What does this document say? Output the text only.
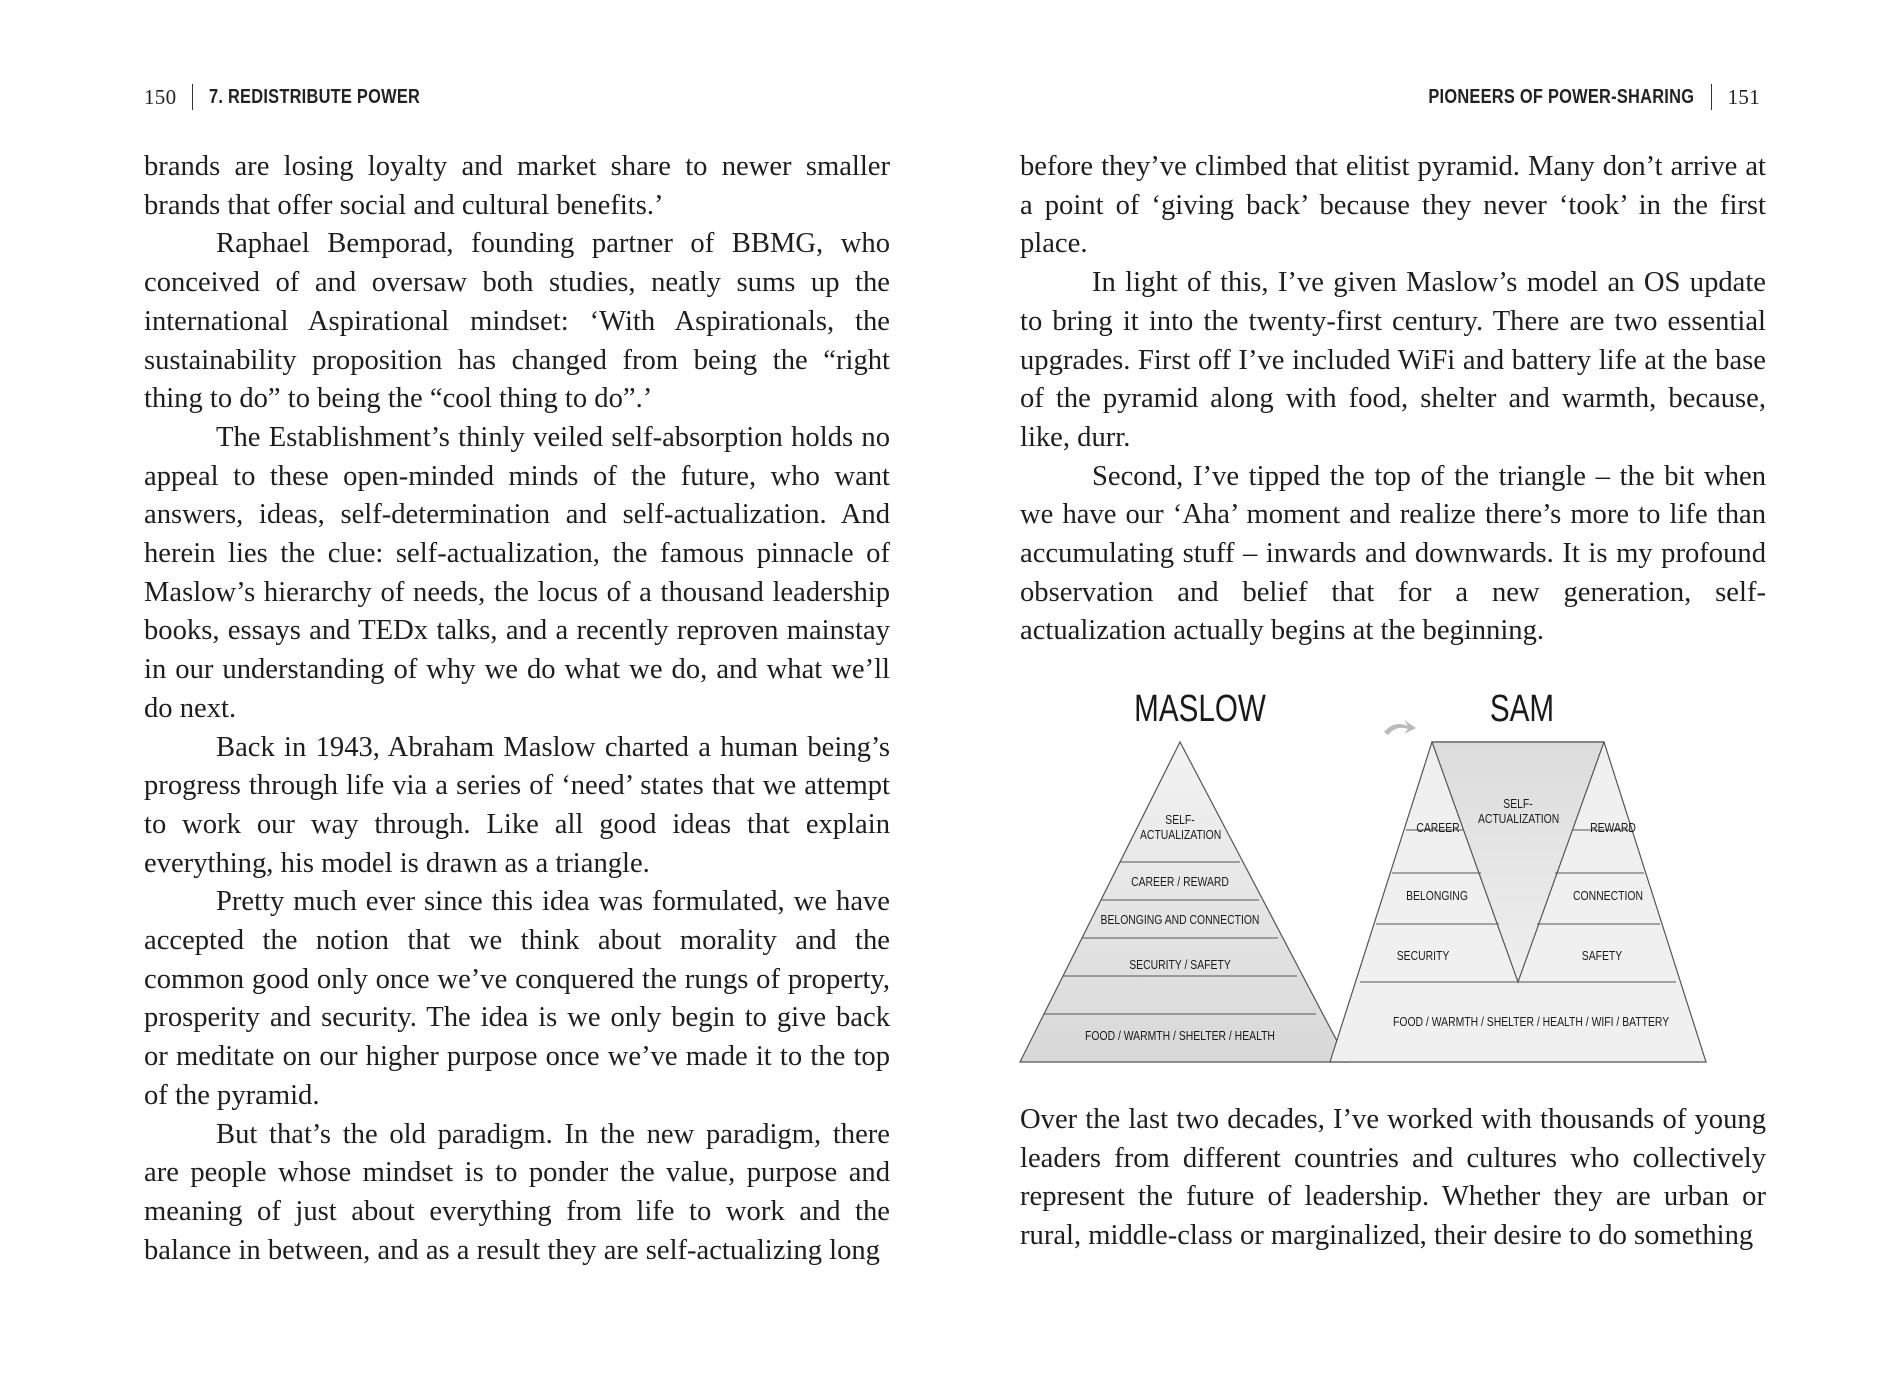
150 7. REDISTRIBUTE POWER

brands are losing loyalty and market share to newer smaller brands that offer social and cultural benefits.’

Raphael Bemporad, founding partner of BBMG, who conceived of and oversaw both studies, neatly sums up the international Aspirational mindset: ‘With Aspirationals, the sustainability proposition has changed from being the “right thing to do” to being the “cool thing to do”.’

The Establishment’s thinly veiled self-absorption holds no appeal to these open-minded minds of the future, who want answers, ideas, self-determination and self-actualization. And herein lies the clue: self-actualization, the famous pinnacle of Maslow’s hierarchy of needs, the locus of a thousand leadership books, essays and TEDx talks, and a recently reproven mainstay in our understanding of why we do what we do, and what we’ll do next.

Back in 1943, Abraham Maslow charted a human being’s progress through life via a series of ‘need’ states that we attempt to work our way through. Like all good ideas that explain everything, his model is drawn as a triangle.

Pretty much ever since this idea was formulated, we have accepted the notion that we think about morality and the common good only once we’ve conquered the rungs of property, prosperity and security. The idea is we only begin to give back or meditate on our higher purpose once we’ve made it to the top of the pyramid.

But that’s the old paradigm. In the new paradigm, there are people whose mindset is to ponder the value, purpose and meaning of just about everything from life to work and the balance in between, and as a result they are self-actualizing long

PIONEERS OF POWER-SHARING 151

before they’ve climbed that elitist pyramid. Many don’t arrive at a point of ‘giving back’ because they never ‘took’ in the first place.

In light of this, I’ve given Maslow’s model an OS update to bring it into the twenty-first century. There are two essential upgrades. First off I’ve included WiFi and battery life at the base of the pyramid along with food, shelter and warmth, because, like, durr.

Second, I’ve tipped the top of the triangle – the bit when we have our ‘Aha’ moment and realize there’s more to life than accumulating stuff – inwards and downwards. It is my profound observation and belief that for a new generation, self-actualization actually begins at the beginning.

MASLOW	SAM
SELF-
ACTUALIZATION
CAREER / REWARD
BELONGING AND CONNECTION
SECURITY / SAFETY
FOOD / WARMTH / SHELTER / HEALTH
SELF-
ACTUALIZATION
CAREER	REWARD
BELONGING	CONNECTION
SECURITY	SAFETY
FOOD / WARMTH / SHELTER / HEALTH / WIFI / BATTERY

Over the last two decades, I’ve worked with thousands of young leaders from different countries and cultures who collectively represent the future of leadership. Whether they are urban or rural, middle-class or marginalized, their desire to do something
